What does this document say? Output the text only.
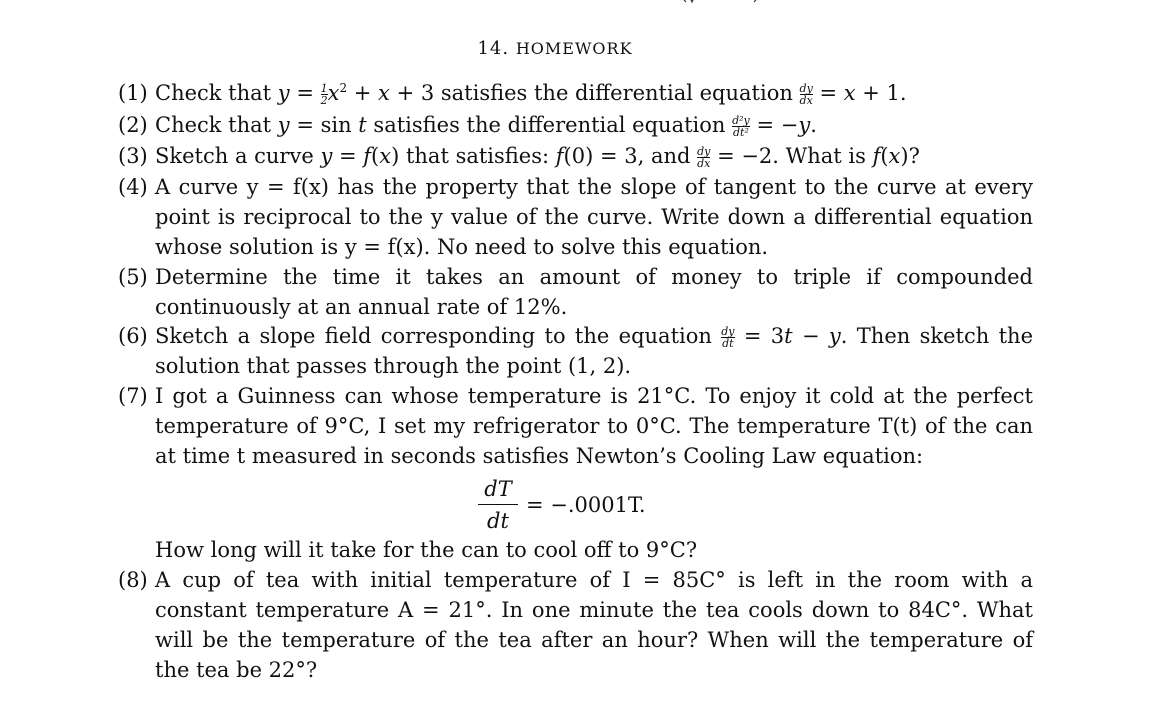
14. HOMEWORK
(1) Check that $y = \frac{1}{2} x^2 + x + 3$ satisfies the differential equation $\frac{dy}{dx} = x + 1$.
(2) Check that y = sin t satisfies the differential equation $\frac{\text{d²y}}{\text{dt²}} = -y$.
(3) Sketch a curve y = f(x) that satisfies: f(0) = 3, and $\frac{dy}{dx} = -2$. What is f(x)?
(4) A curve y = f(x) has the property that the slope of tangent to the curve at every point is reciprocal to the y value of the curve. Write down a differential equation whose solution is y = f(x). No need to solve this equation.
(5) Determine the time it takes an amount of money to triple if compounded continuously at an annual rate of 12%.
(6) Sketch a slope field corresponding to the equation $\frac{dy}{dt} = 3t - y$. Then sketch the solution that passes through the point (1, 2).
(7) I got a Guinness can whose temperature is 21°C. To enjoy it cold at the perfect temperature of 9°C, I set my refrigerator to 0°C. The temperature T(t) of the can at time t measured in seconds satisfies Newton’s Cooling Law equation:
dT
dt
= −.0001T.
How long will it take for the can to cool off to 9°C?
(8) A cup of tea with initial temperature of I = 85C° is left in the room with a constant temperature A = 21°. In one minute the tea cools down to 84C°. What will be the temperature of the tea after an hour? When will the temperature of the tea be 22°?
